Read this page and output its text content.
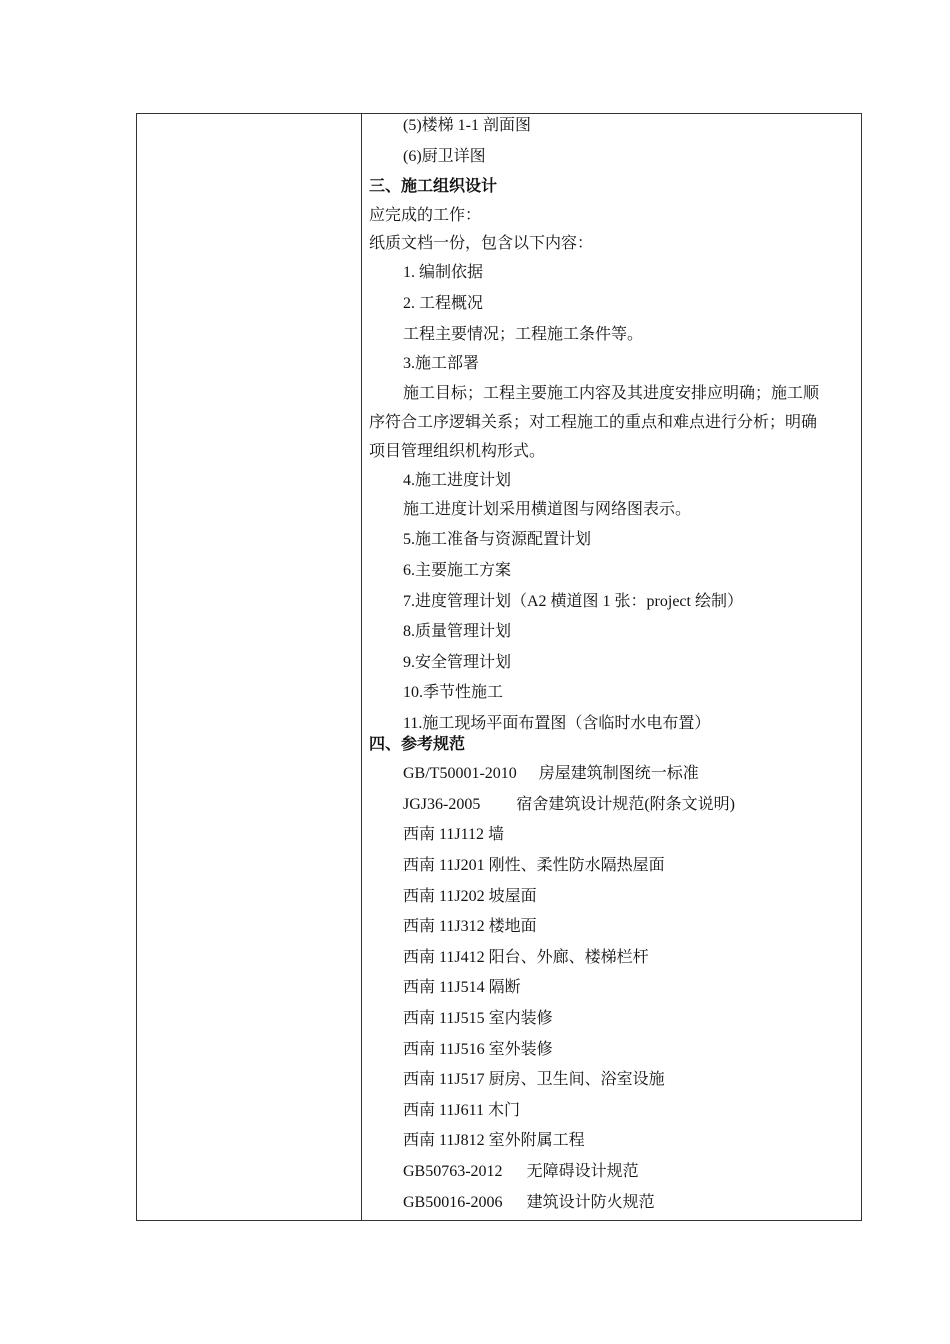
(5)楼梯 1-1 剖面图
(6)厨卫详图
三、施工组织设计
应完成的工作：
纸质文档一份，包含以下内容：
1. 编制依据
2. 工程概况
工程主要情况；工程施工条件等。
3.施工部署
施工目标；工程主要施工内容及其进度安排应明确；施工顺
序符合工序逻辑关系；对工程施工的重点和难点进行分析；明确
项目管理组织机构形式。
4.施工进度计划
施工进度计划采用横道图与网络图表示。
5.施工准备与资源配置计划
6.主要施工方案
7.进度管理计划（A2 横道图 1 张：project 绘制）
8.质量管理计划
9.安全管理计划
10.季节性施工
11.施工现场平面布置图（含临时水电布置）
四、参考规范
GB/T50001-2010 房屋建筑制图统一标准
JGJ36-2005 宿舍建筑设计规范(附条文说明)
西南 11J112 墙
西南 11J201 刚性、柔性防水隔热屋面
西南 11J202 坡屋面
西南 11J312 楼地面
西南 11J412 阳台、外廊、楼梯栏杆
西南 11J514 隔断
西南 11J515 室内装修
西南 11J516 室外装修
西南 11J517 厨房、卫生间、浴室设施
西南 11J611 木门
西南 11J812 室外附属工程
GB50763-2012 无障碍设计规范
GB50016-2006 建筑设计防火规范
